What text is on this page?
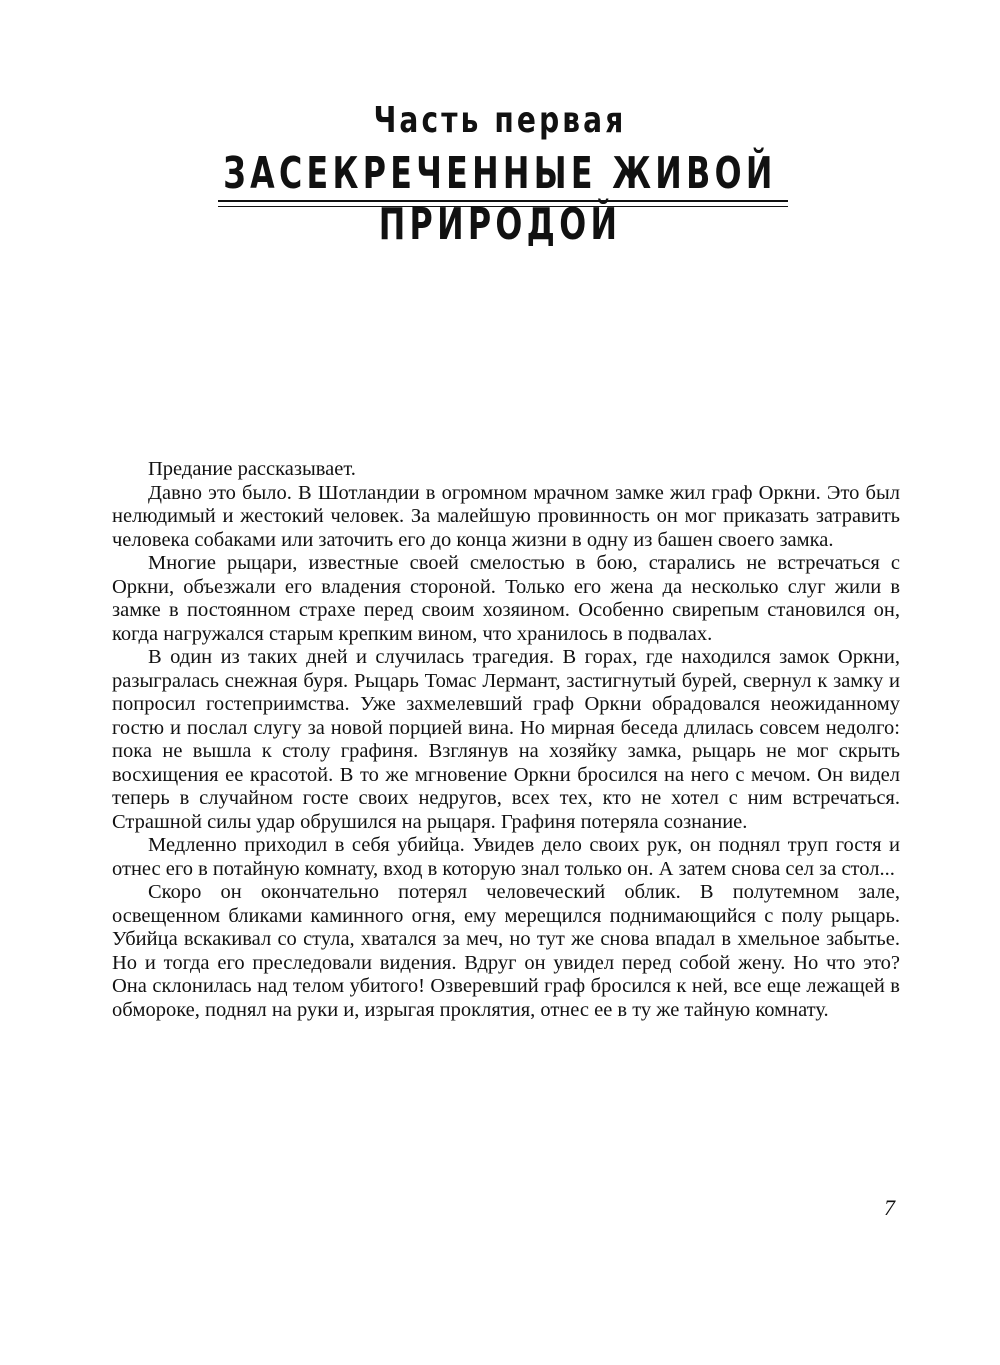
Часть первая
ЗАСЕКРЕЧЕННЫЕ ЖИВОЙ ПРИРОДОЙ

Предание рассказывает.

Давно это было. В Шотландии в огромном мрачном замке жил граф Оркни. Это был нелюдимый и жестокий человек. За малейшую провинность он мог приказать затравить человека собаками или заточить его до конца жизни в одну из башен своего замка.

Многие рыцари, известные своей смелостью в бою, старались не встречаться с Оркни, объезжали его владения стороной. Только его жена да несколько слуг жили в замке в постоянном страхе перед своим хозяином. Особенно свирепым становился он, когда нагружался старым крепким вином, что хранилось в подвалах.

В один из таких дней и случилась трагедия. В горах, где находился замок Оркни, разыгралась снежная буря. Рыцарь Томас Лермант, застигнутый бурей, свернул к замку и попросил гостеприимства. Уже захмелевший граф Оркни обрадовался неожиданному гостю и послал слугу за новой порцией вина. Но мирная беседа длилась совсем недолго: пока не вышла к столу графиня. Взглянув на хозяйку замка, рыцарь не мог скрыть восхищения ее красотой. В то же мгновение Оркни бросился на него с мечом. Он видел теперь в случайном госте своих недругов, всех тех, кто не хотел с ним встречаться. Страшной силы удар обрушился на рыцаря. Графиня потеряла сознание.

Медленно приходил в себя убийца. Увидев дело своих рук, он поднял труп гостя и отнес его в потайную комнату, вход в которую знал только он. А затем снова сел за стол...

Скоро он окончательно потерял человеческий облик. В полутемном зале, освещенном бликами каминного огня, ему мерещился поднимающийся с полу рыцарь. Убийца вскакивал со стула, хватался за меч, но тут же снова впадал в хмельное забытье. Но и тогда его преследовали видения. Вдруг он увидел перед собой жену. Но что это? Она склонилась над телом убитого! Озверевший граф бросился к ней, все еще лежащей в обмороке, поднял на руки и, изрыгая проклятия, отнес ее в ту же тайную комнату.

7
